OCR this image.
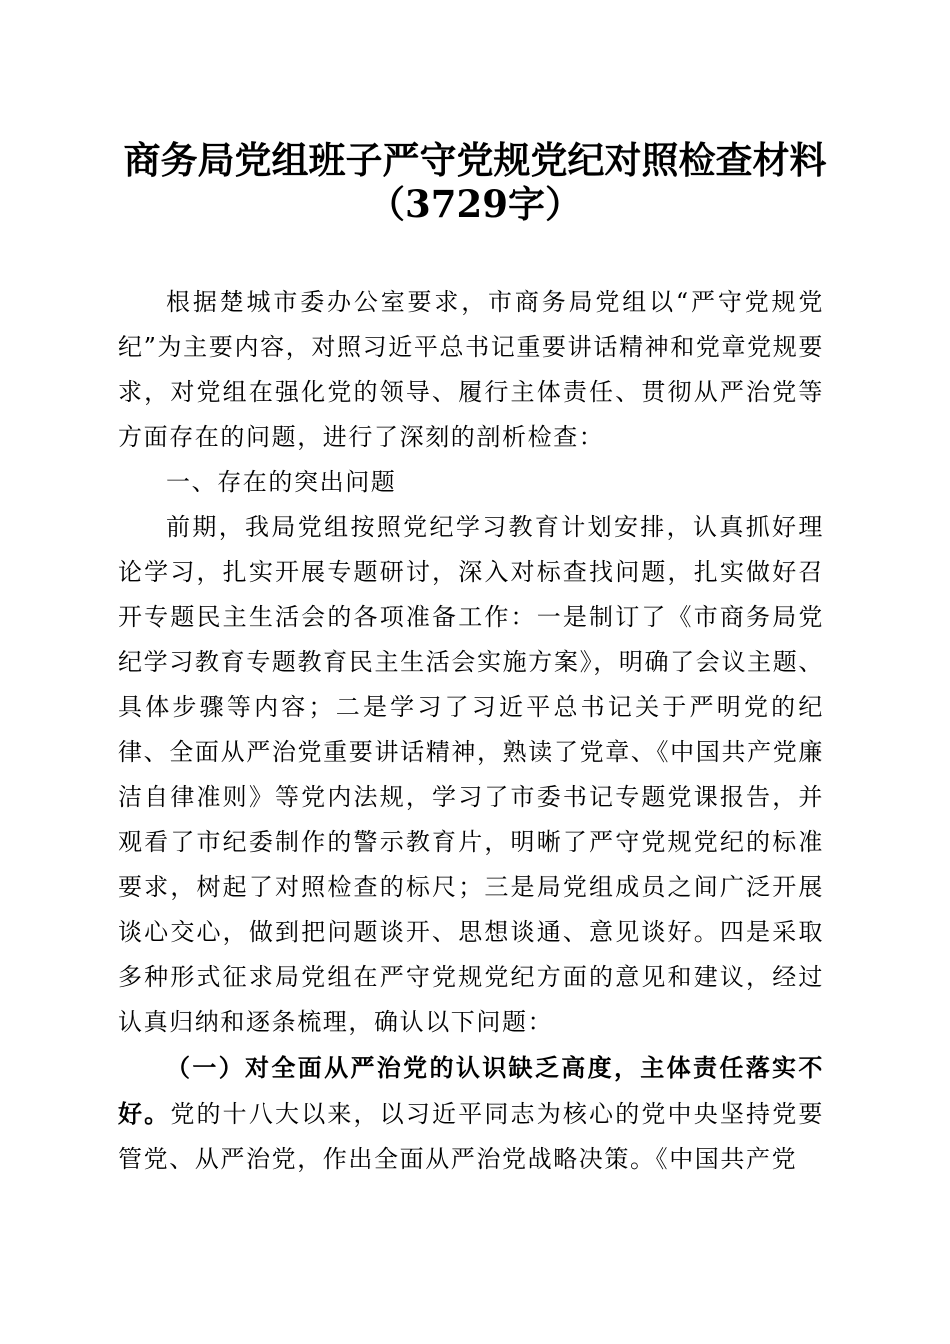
商务局党组班子严守党规党纪对照检查材料
（3729字）

根据楚城市委办公室要求，市商务局党组以“严守党规党纪”为主要内容，对照习近平总书记重要讲话精神和党章党规要求，对党组在强化党的领导、履行主体责任、贯彻从严治党等方面存在的问题，进行了深刻的剖析检查：

一、存在的突出问题

前期，我局党组按照党纪学习教育计划安排，认真抓好理论学习，扎实开展专题研讨，深入对标查找问题，扎实做好召开专题民主生活会的各项准备工作：一是制订了《市商务局党纪学习教育专题教育民主生活会实施方案》，明确了会议主题、具体步骤等内容；二是学习了习近平总书记关于严明党的纪律、全面从严治党重要讲话精神，熟读了党章、《中国共产党廉洁自律准则》等党内法规，学习了市委书记专题党课报告，并观看了市纪委制作的警示教育片，明晰了严守党规党纪的标准要求，树起了对照检查的标尺；三是局党组成员之间广泛开展谈心交心，做到把问题谈开、思想谈通、意见谈好。四是采取多种形式征求局党组在严守党规党纪方面的意见和建议，经过认真归纳和逐条梳理，确认以下问题：

（一）对全面从严治党的认识缺乏高度，主体责任落实不好。党的十八大以来，以习近平同志为核心的党中央坚持党要管党、从严治党，作出全面从严治党战略决策。《中国共产党
